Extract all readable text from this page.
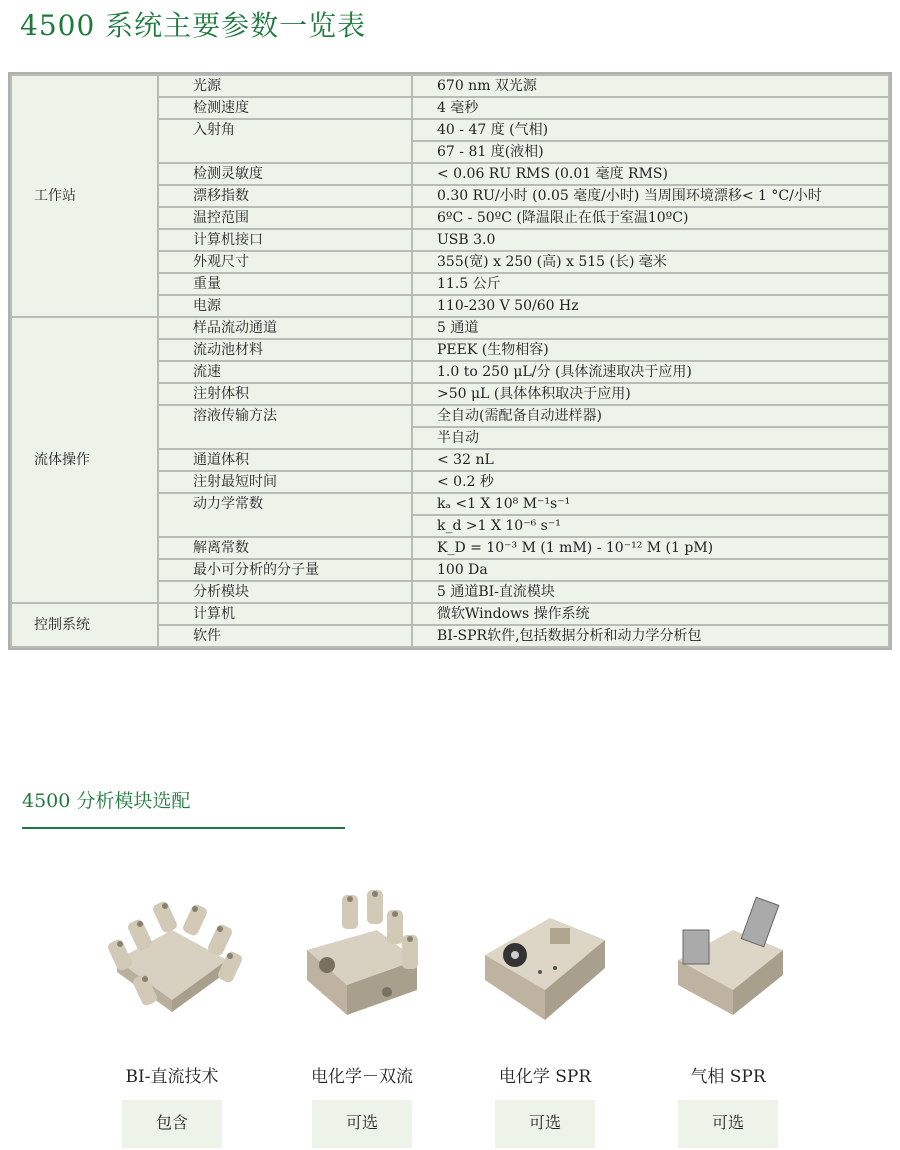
4500 系统主要参数一览表
工作站	光源	670 nm 双光源
	检测速度	4 毫秒
	入射角	40 - 47 度 (气相)
		67 - 81 度(液相)
	检测灵敏度	< 0.06 RU RMS (0.01 毫度 RMS)
	漂移指数	0.30 RU/小时 (0.05 毫度/小时) 当周围环境漂移< 1 °C/小时
	温控范围	6ºC - 50ºC (降温限止在低于室温10ºC)
	计算机接口	USB 3.0
	外观尺寸	355(宽) x 250 (高) x 515 (长) 毫米
	重量	11.5 公斤
	电源	110-230 V 50/60 Hz
流体操作	样品流动通道	5 通道
	流动池材料	PEEK (生物相容)
	流速	1.0 to 250 μL/分 (具体流速取决于应用)
	注射体积	>50 μL (具体体积取决于应用)
	溶液传输方法	全自动(需配备自动进样器)
		半自动
	通道体积	< 32 nL
	注射最短时间	< 0.2 秒
	动力学常数	kₐ <1 X 10⁸ M⁻¹s⁻¹
		k_d >1 X 10⁻⁶ s⁻¹
	解离常数	K_D = 10⁻³ M (1 mM) - 10⁻¹² M (1 pM)
	最小可分析的分子量	100 Da
	分析模块	5 通道BI-直流模块
控制系统	计算机	微软Windows 操作系统
	软件	BI-SPR软件,包括数据分析和动力学分析包
4500 分析模块选配
BI-直流技术
包含
电化学－双流
可选
电化学 SPR
可选
气相 SPR
可选
